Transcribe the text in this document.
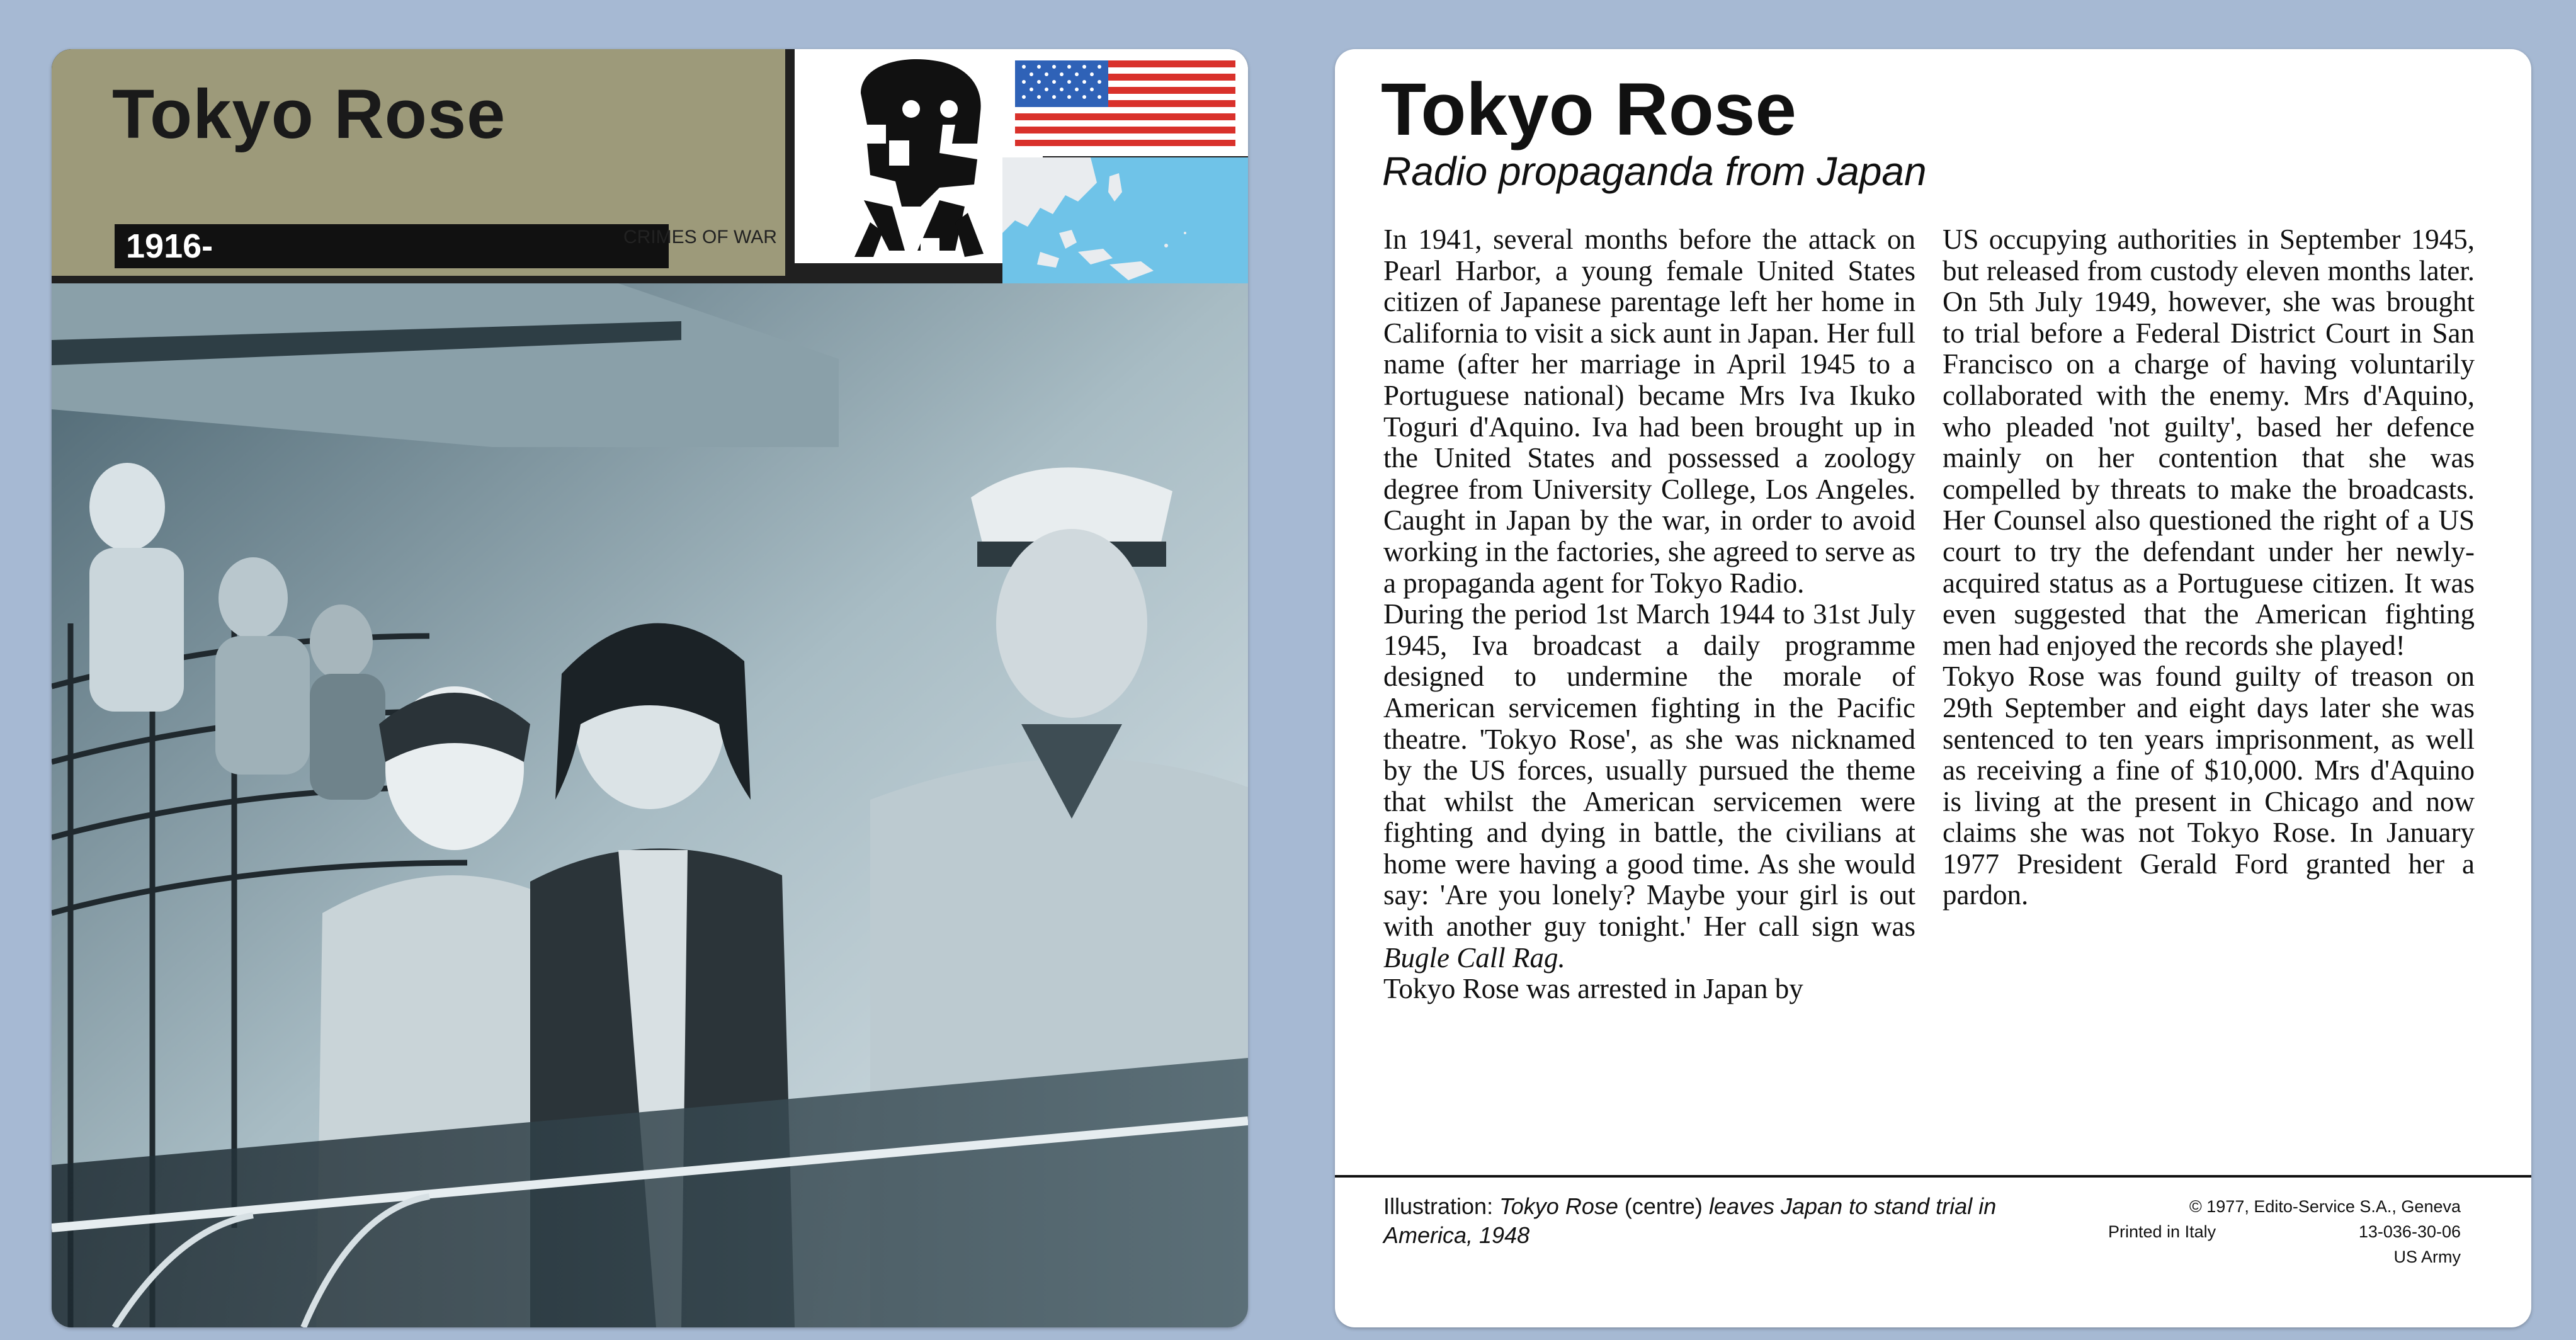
Tokyo Rose
1916-	CRIMES OF WAR
Tokyo Rose
Radio propaganda from Japan

In 1941, several months before the attack on Pearl Harbor, a young female United States citizen of Japanese parentage left her home in California to visit a sick aunt in Japan. Her full name (after her marriage in April 1945 to a Portuguese national) became Mrs Iva Ikuko Toguri d'Aquino. Iva had been brought up in the United States and possessed a zoology degree from University College, Los Angeles. Caught in Japan by the war, in order to avoid working in the factories, she agreed to serve as a propaganda agent for Tokyo Radio.

During the period 1st March 1944 to 31st July 1945, Iva broadcast a daily programme designed to undermine the morale of American servicemen fighting in the Pacific theatre. 'Tokyo Rose', as she was nicknamed by the US forces, usually pursued the theme that whilst the American servicemen were fighting and dying in battle, the civilians at home were having a good time. As she would say: 'Are you lonely? Maybe your girl is out with another guy tonight.' Her call sign was Bugle Call Rag.

Tokyo Rose was arrested in Japan by

US occupying authorities in September 1945, but released from custody eleven months later. On 5th July 1949, however, she was brought to trial before a Federal District Court in San Francisco on a charge of having voluntarily collaborated with the enemy. Mrs d'Aquino, who pleaded 'not guilty', based her defence mainly on her contention that she was compelled by threats to make the broadcasts. Her Counsel also questioned the right of a US court to try the defendant under her newly-acquired status as a Portuguese citizen. It was even suggested that the American fighting men had enjoyed the records she played!

Tokyo Rose was found guilty of treason on 29th September and eight days later she was sentenced to ten years imprisonment, as well as receiving a fine of $10,000. Mrs d'Aquino is living at the present in Chicago and now claims she was not Tokyo Rose. In January 1977 President Gerald Ford granted her a pardon.

Illustration: Tokyo Rose (centre) leaves Japan to stand trial in America, 1948
© 1977, Edito-Service S.A., Geneva
Printed in Italy	13-036-30-06
US Army
